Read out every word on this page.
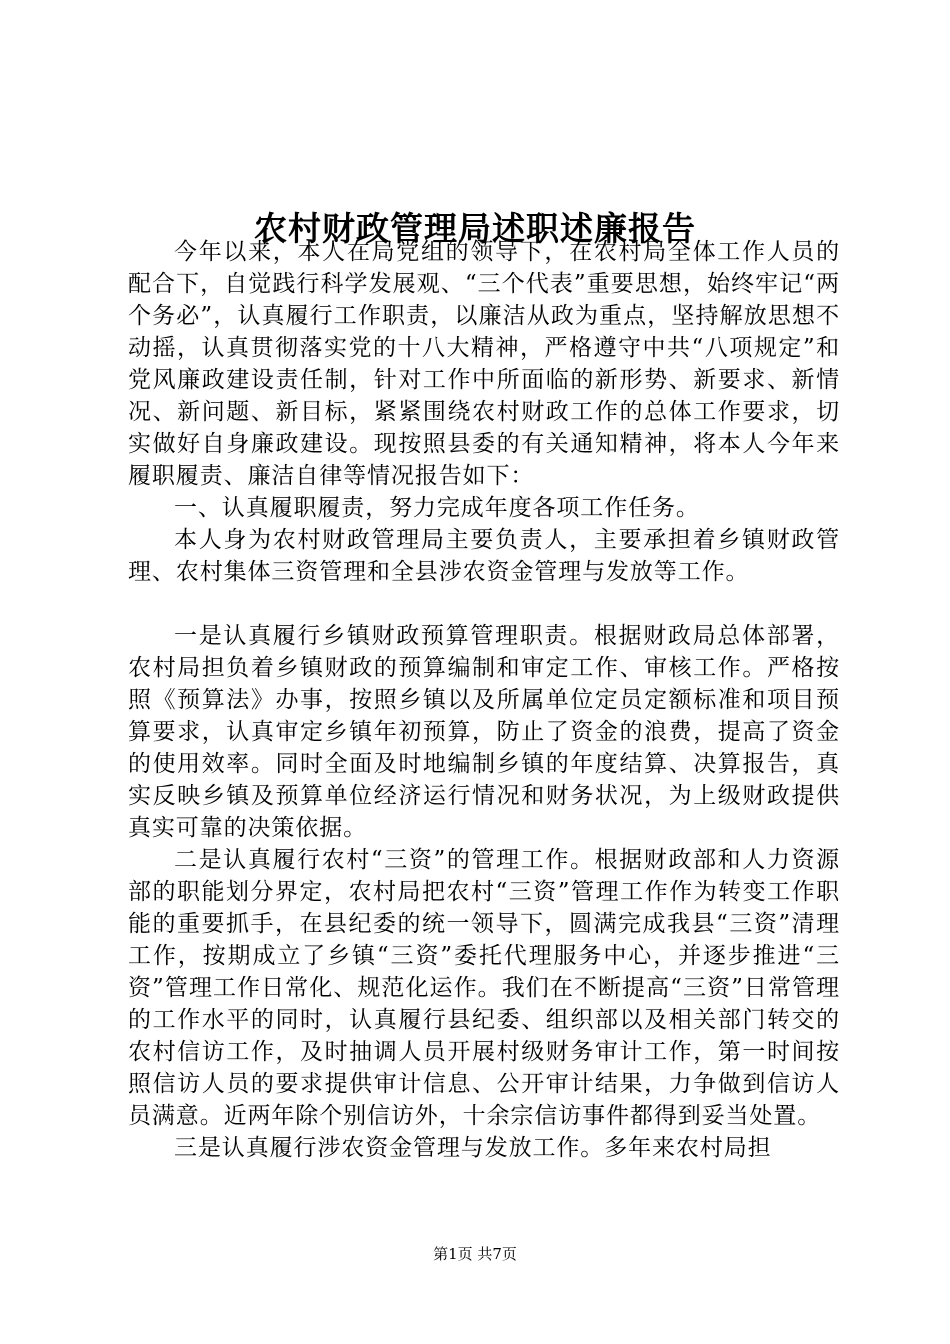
农村财政管理局述职述廉报告

今年以来，本人在局党组的领导下，在农村局全体工作人员的配合下，自觉践行科学发展观、“三个代表”重要思想，始终牢记“两个务必”，认真履行工作职责，以廉洁从政为重点，坚持解放思想不动摇，认真贯彻落实党的十八大精神，严格遵守中共“八项规定”和党风廉政建设责任制，针对工作中所面临的新形势、新要求、新情况、新问题、新目标，紧紧围绕农村财政工作的总体工作要求，切实做好自身廉政建设。现按照县委的有关通知精神，将本人今年来履职履责、廉洁自律等情况报告如下：

一、认真履职履责，努力完成年度各项工作任务。

本人身为农村财政管理局主要负责人，主要承担着乡镇财政管理、农村集体三资管理和全县涉农资金管理与发放等工作。

一是认真履行乡镇财政预算管理职责。根据财政局总体部署，农村局担负着乡镇财政的预算编制和审定工作、审核工作。严格按照《预算法》办事，按照乡镇以及所属单位定员定额标准和项目预算要求，认真审定乡镇年初预算，防止了资金的浪费，提高了资金的使用效率。同时全面及时地编制乡镇的年度结算、决算报告，真实反映乡镇及预算单位经济运行情况和财务状况，为上级财政提供真实可靠的决策依据。

二是认真履行农村“三资”的管理工作。根据财政部和人力资源部的职能划分界定，农村局把农村“三资”管理工作作为转变工作职能的重要抓手，在县纪委的统一领导下，圆满完成我县“三资”清理工作，按期成立了乡镇“三资”委托代理服务中心，并逐步推进“三资”管理工作日常化、规范化运作。我们在不断提高“三资”日常管理的工作水平的同时，认真履行县纪委、组织部以及相关部门转交的农村信访工作，及时抽调人员开展村级财务审计工作，第一时间按照信访人员的要求提供审计信息、公开审计结果，力争做到信访人员满意。近两年除个别信访外，十余宗信访事件都得到妥当处置。

三是认真履行涉农资金管理与发放工作。多年来农村局担

第1页 共7页
